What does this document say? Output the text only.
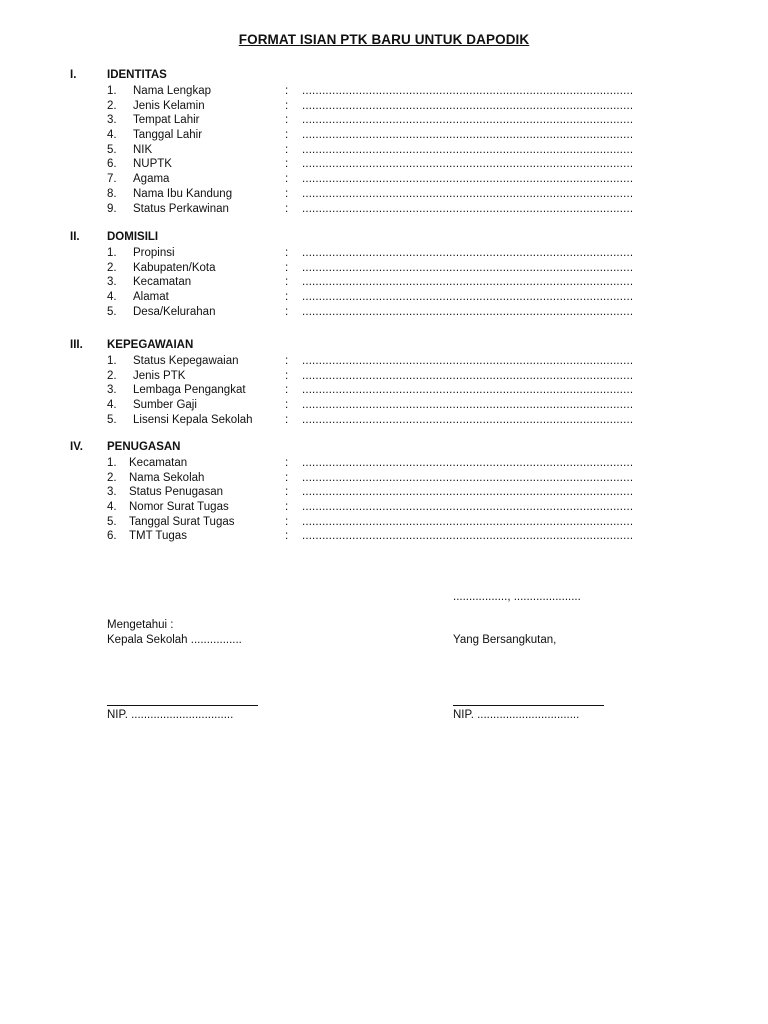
FORMAT ISIAN PTK BARU UNTUK DAPODIK
I.	IDENTITAS
1. Nama Lengkap	: ...................................................................................................
2. Jenis Kelamin	: ...................................................................................................
3. Tempat Lahir	: ...................................................................................................
4. Tanggal Lahir	: ...................................................................................................
5. NIK	: ...................................................................................................
6. NUPTK	: ...................................................................................................
7. Agama	: ...................................................................................................
8. Nama Ibu Kandung	: ...................................................................................................
9. Status Perkawinan	: ...................................................................................................
II. DOMISILI
1. Propinsi	: ...................................................................................................
2. Kabupaten/Kota	: ...................................................................................................
3. Kecamatan	: ...................................................................................................
4. Alamat	: ...................................................................................................
5. Desa/Kelurahan	: ...................................................................................................
III. KEPEGAWAIAN
1. Status Kepegawaian	: ...................................................................................................
2. Jenis PTK	: ...................................................................................................
3. Lembaga Pengangkat	: ...................................................................................................
4. Sumber Gaji	: ...................................................................................................
5. Lisensi Kepala Sekolah	: ...................................................................................................
IV. PENUGASAN
1. Kecamatan	: ...................................................................................................
2. Nama Sekolah	: ...................................................................................................
3. Status Penugasan	: ...................................................................................................
4. Nomor Surat Tugas	: ...................................................................................................
5. Tanggal Surat Tugas	: ...................................................................................................
6. TMT Tugas	: ...................................................................................................
................., .....................
Mengetahui :
Kepala Sekolah ................	Yang Bersangkutan,
NIP. ................................	NIP. ................................
